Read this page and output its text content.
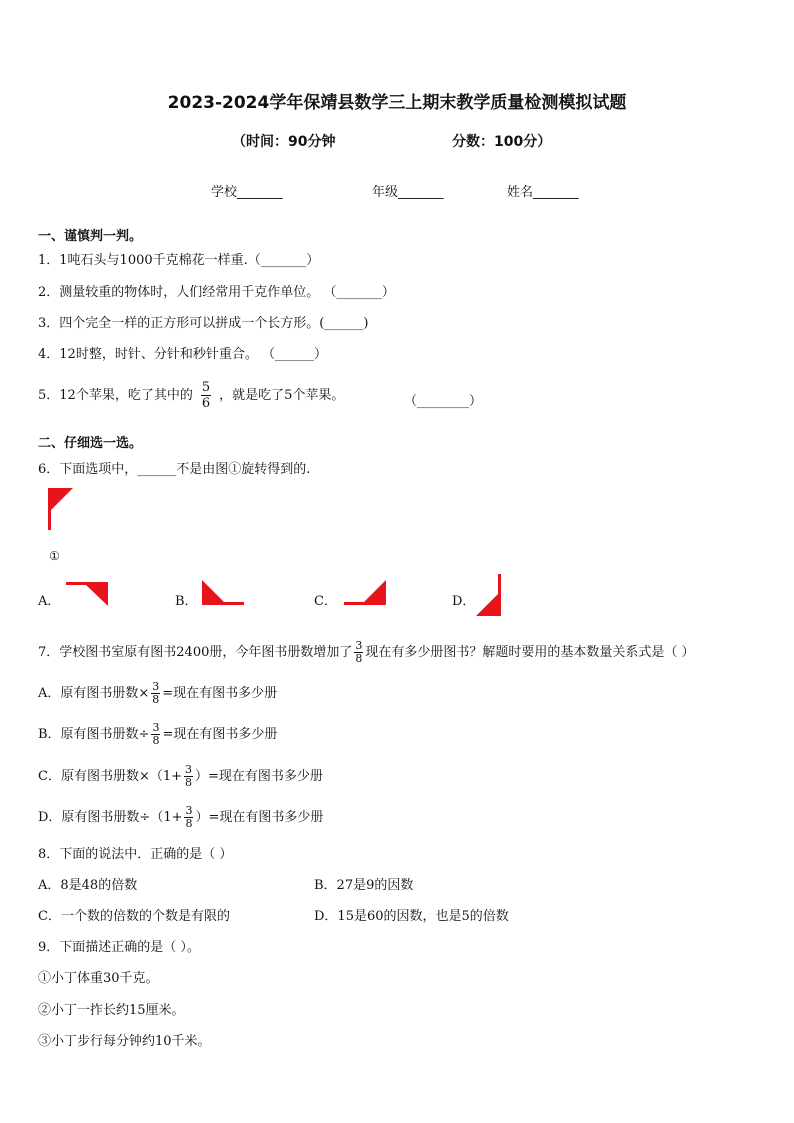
2023-2024学年保靖县数学三上期末教学质量检测模拟试题
（时间：90分钟	分数：100分）
学校_______	年级_______	姓名_______
一、谨慎判一判。
1．1吨石头与1000千克棉花一样重.（_______）
2．测量较重的物体时，人们经常用千克作单位。 （_______）
3．四个完全一样的正方形可以拼成一个长方形。(______)
4．12时整，时针、分针和秒针重合。 （______）
5．12个苹果，吃了其中的 $\frac{5}{6}$ ，就是吃了5个苹果。	（________）
二、仔细选一选。
6．下面选项中，______不是由图①旋转得到的.
①
A．	B．	C．	D．
7．学校图书室原有图书2400册，今年图书册数增加了 $\frac{3}{8}$ 现在有多少册图书？解题时要用的基本数量关系式是（ ）
A．原有图书册数× $\frac{3}{8}$ =现在有图书多少册
B．原有图书册数÷ $\frac{3}{8}$ =现在有图书多少册
C．原有图书册数$\times(1+ \frac{3}{8}$ ）=现在有图书多少册
D．原有图书册数$\div(1+ \frac{3}{8}$ ）=现在有图书多少册
8．下面的说法中．正确的是（ ）
A．8是48的倍数	B．27是9的因数
C．一个数的倍数的个数是有限的	D．15是60的因数，也是5的倍数
9．下面描述正确的是（ ）。
①小丁体重30千克。
②小丁一拃长约15厘米。
③小丁步行每分钟约10千米。
